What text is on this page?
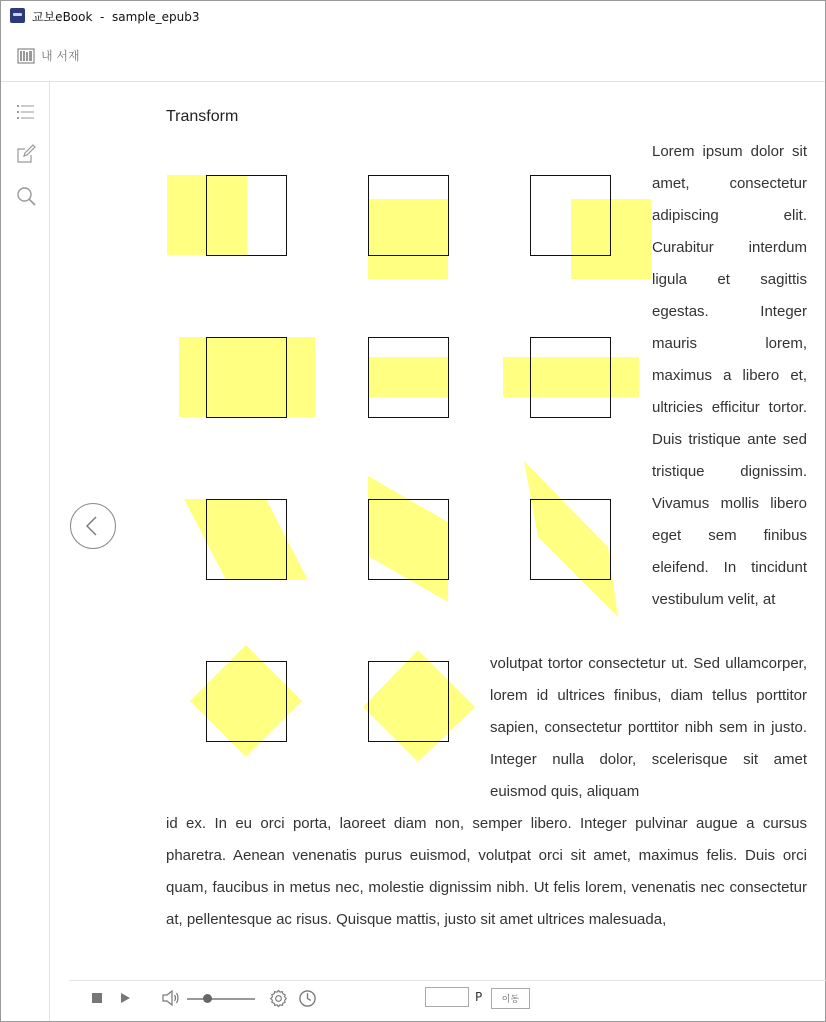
교보eBook  -  sample_epub3
내 서재
Transform
Lorem ipsum dolor sit amet, consectetur adipiscing elit. Curabitur interdum ligula et sagittis egestas. Integer mauris lorem, maximus a libero et, ultricies efficitur tortor. Duis tristique ante sed tristique dignissim. Vivamus mollis libero eget sem finibus eleifend. In tincidunt vestibulum velit, at
volutpat tortor consectetur ut. Sed ullamcorper, lorem id ultrices finibus, diam tellus porttitor sapien, consectetur porttitor nibh sem in justo. Integer nulla dolor, scelerisque sit amet euismod quis, aliquam
id ex. In eu orci porta, laoreet diam non, semper libero. Integer pulvinar augue a cursus pharetra. Aenean venenatis purus euismod, volutpat orci sit amet, maximus felis. Duis orci quam, faucibus in metus nec, molestie dignissim nibh. Ut felis lorem, venenatis nec consectetur at, pellentesque ac risus. Quisque mattis, justo sit amet ultrices malesuada,
P	이동
